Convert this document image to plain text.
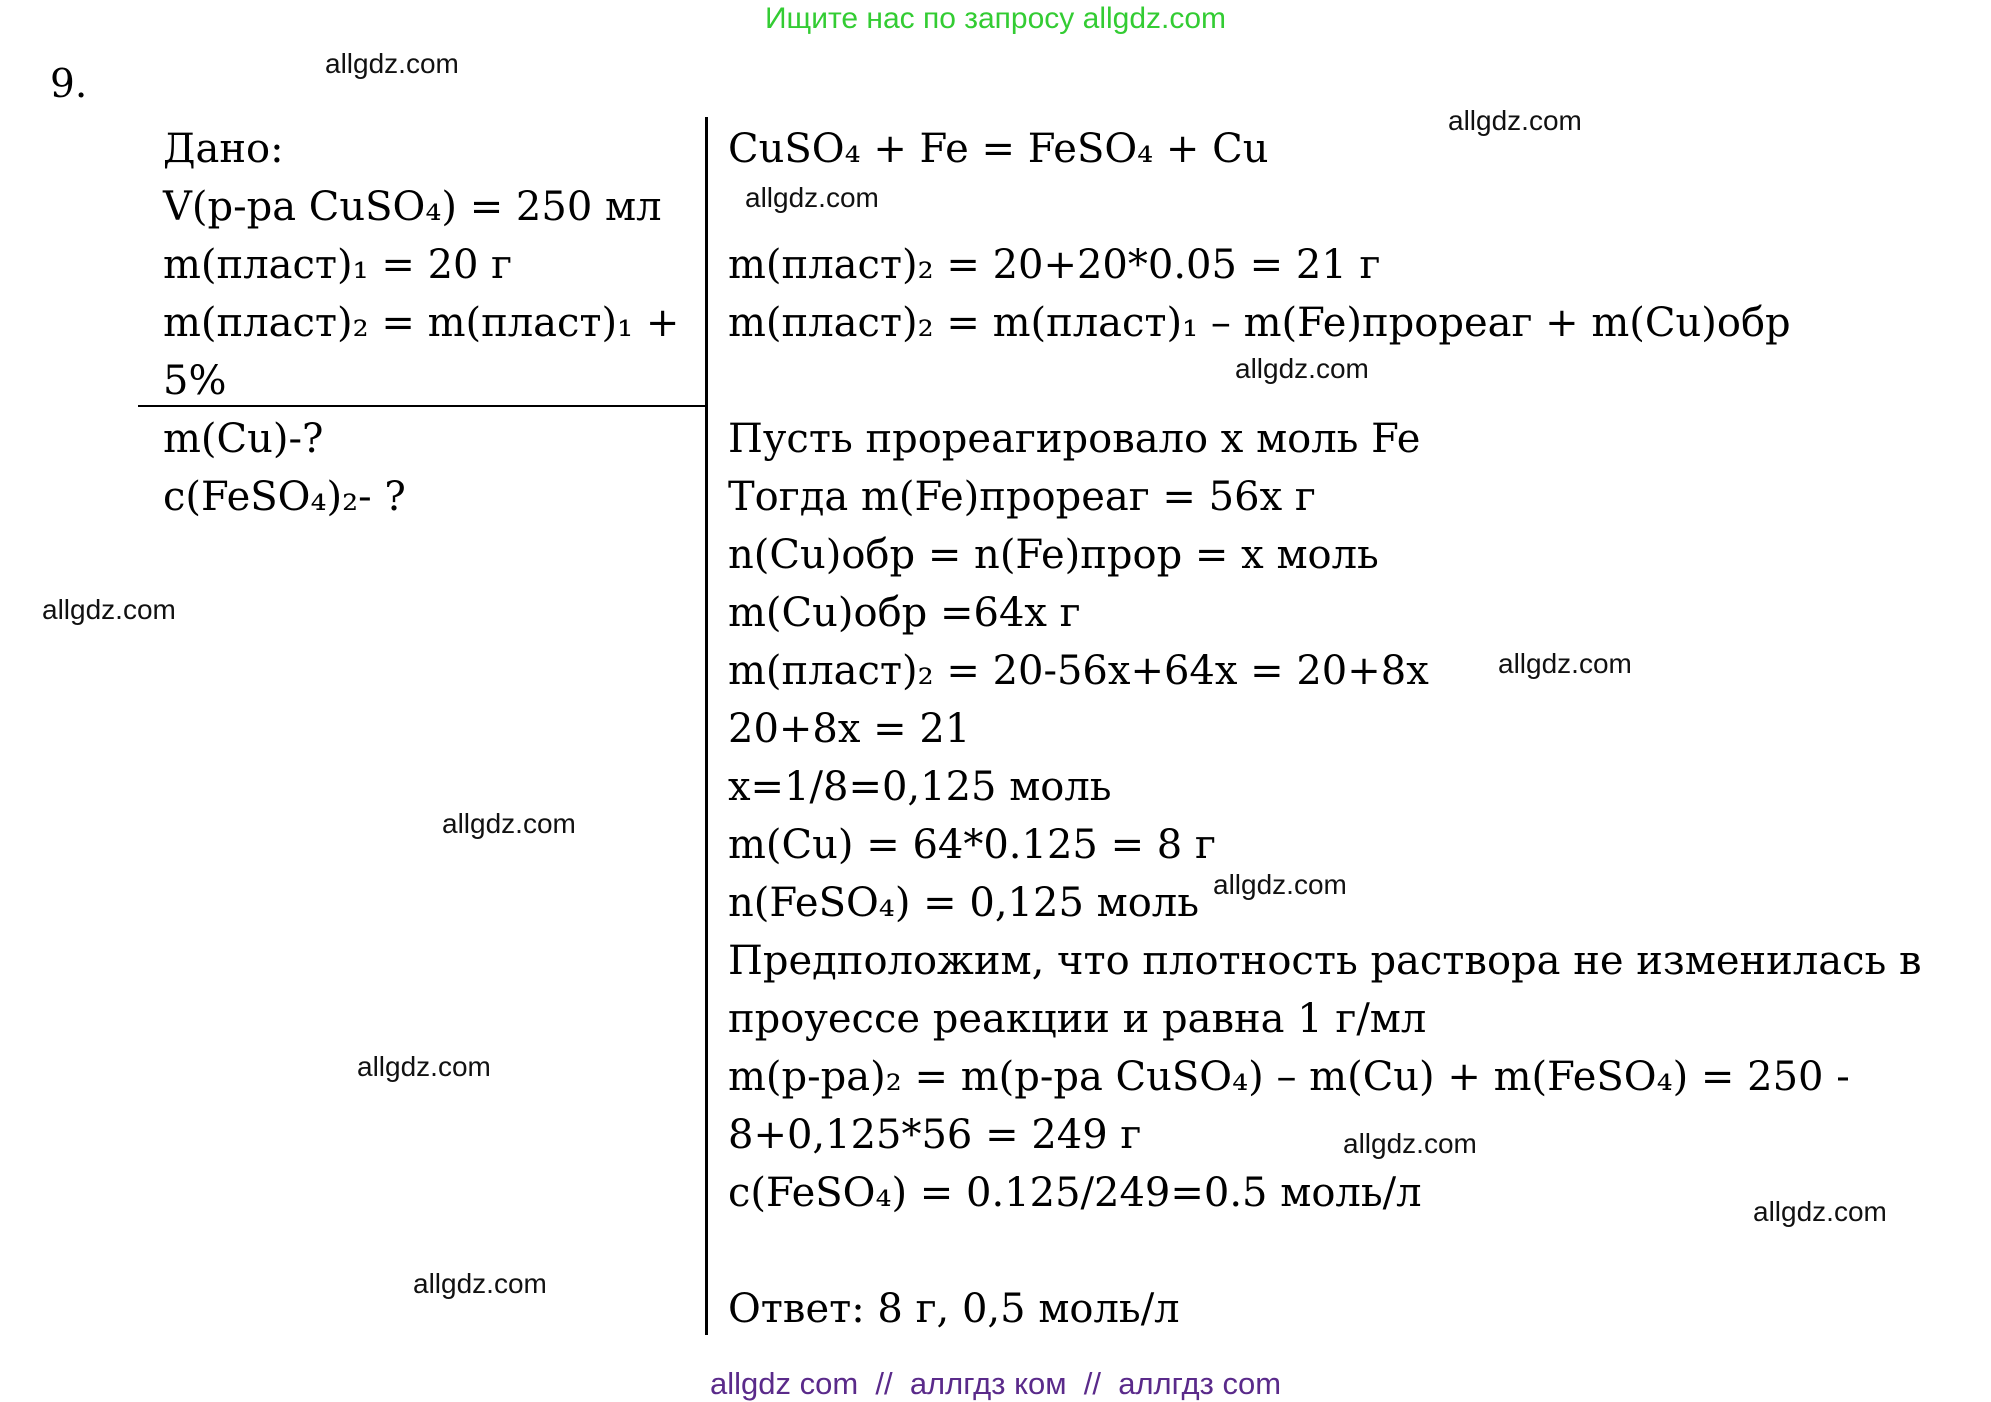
Ищите нас по запросу allgdz.com
9.
Дано:
V(р-ра CuSO₄) = 250 мл
m(пласт)₁ = 20 г
m(пласт)₂ = m(пласт)₁ +
5%
m(Cu)-?
c(FeSO₄)₂- ?
CuSO₄ + Fe = FeSO₄ + Cu

m(пласт)₂ = 20+20*0.05 = 21 г
m(пласт)₂ = m(пласт)₁ – m(Fe)прореаг + m(Cu)обр

Пусть прореагировало x моль Fe
Тогда m(Fe)прореаг = 56x г
n(Cu)обр = n(Fe)прор = x моль
m(Cu)обр =64x г
m(пласт)₂ = 20-56x+64x = 20+8x
20+8x = 21
x=1/8=0,125 моль
m(Cu) = 64*0.125 = 8 г
n(FeSO₄) = 0,125 моль
Предположим, что плотность раствора не изменилась в
проуессе реакции и равна 1 г/мл
m(р-ра)₂ = m(р-ра CuSO₄) – m(Cu) + m(FeSO₄) = 250 -
8+0,125*56 = 249 г
c(FeSO₄) = 0.125/249=0.5 моль/л

Ответ: 8 г, 0,5 моль/л
allgdz.com
allgdz.com
allgdz.com
allgdz.com
allgdz.com
allgdz.com
allgdz.com
allgdz.com
allgdz.com
allgdz.com
allgdz.com
allgdz.com
allgdz com  //  аллгдз ком  //  аллгдз com
